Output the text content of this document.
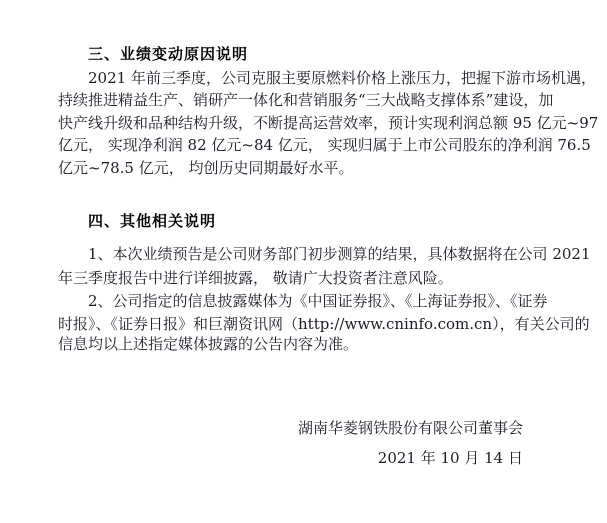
三、业绩变动原因说明
2021 年前三季度，公司克服主要原燃料价格上涨压力，把握下游市场机遇，
持续推进精益生产、销研产一体化和营销服务“三大战略支撑体系”建设，加
快产线升级和品种结构升级，不断提高运营效率，预计实现利润总额 95 亿元~97
亿元， 实现净利润 82 亿元~84 亿元， 实现归属于上市公司股东的净利润 76.5
亿元~78.5 亿元， 均创历史同期最好水平。
四、其他相关说明
1、本次业绩预告是公司财务部门初步测算的结果，具体数据将在公司 2021
年三季度报告中进行详细披露， 敬请广大投资者注意风险。
2、公司指定的信息披露媒体为《中国证券报》、《上海证券报》、《证券
时报》、《证券日报》和巨潮资讯网（http://www.cninfo.com.cn），有关公司的
信息均以上述指定媒体披露的公告内容为准。
湖南华菱钢铁股份有限公司董事会
2021 年 10 月 14 日
